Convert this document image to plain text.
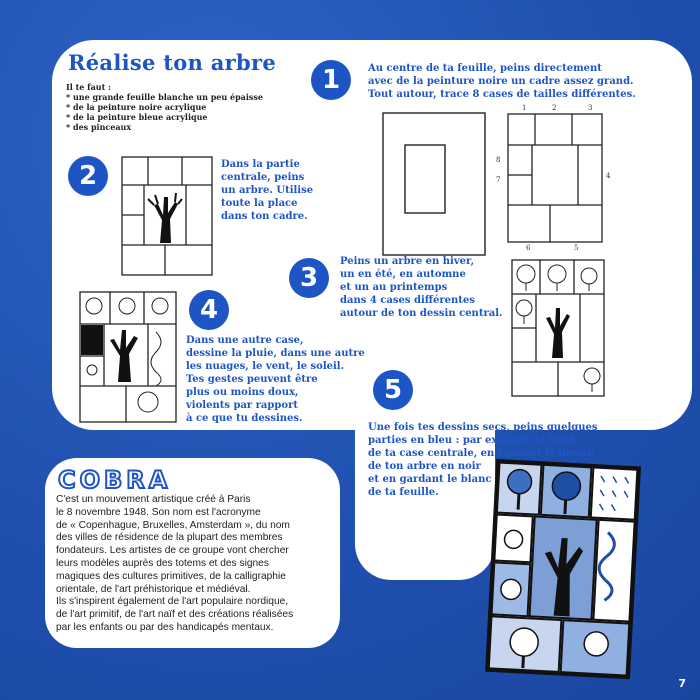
Réalise ton arbre
Il te faut :
* une grande feuille blanche un peu épaisse
* de la peinture noire acrylique
* de la peinture bleue acrylique
* des pinceaux
1	Au centre de ta feuille, peins directement
avec de la peinture noire un cadre assez grand.
Tout autour, trace 8 cases de tailles différentes.
1	2	3
4
5
6
7
8
2	Dans la partie
centrale, peins
un arbre. Utilise
toute la place
dans ton cadre.
3
Peins un arbre en hiver,
un en été, en automne
et un au printemps
dans 4 cases différentes
autour de ton dessin central.
4
Dans une autre case,
dessine la pluie, dans une autre
les nuages, le vent, le soleil.
Tes gestes peuvent être
plus ou moins doux,
violents par rapport
à ce que tu dessines.
5
Une fois tes dessins secs, peins quelques
parties en bleu : par exemple le fond
de ta case centrale, en laissant le dessin
de ton arbre en noir
et en gardant le blanc
de ta feuille.
COBRA
C'est un mouvement artistique créé à Paris
le 8 novembre 1948. Son nom est l'acronyme
de « Copenhague, Bruxelles, Amsterdam », du nom
des villes de résidence de la plupart des membres
fondateurs. Les artistes de ce groupe vont chercher
leurs modèles auprès des totems et des signes
magiques des cultures primitives, de la calligraphie
orientale, de l'art préhistorique et médiéval.
Ils s'inspirent également de l'art populaire nordique,
de l'art primitif, de l'art naïf et des créations réalisées
par les enfants ou par des handicapés mentaux.
7
